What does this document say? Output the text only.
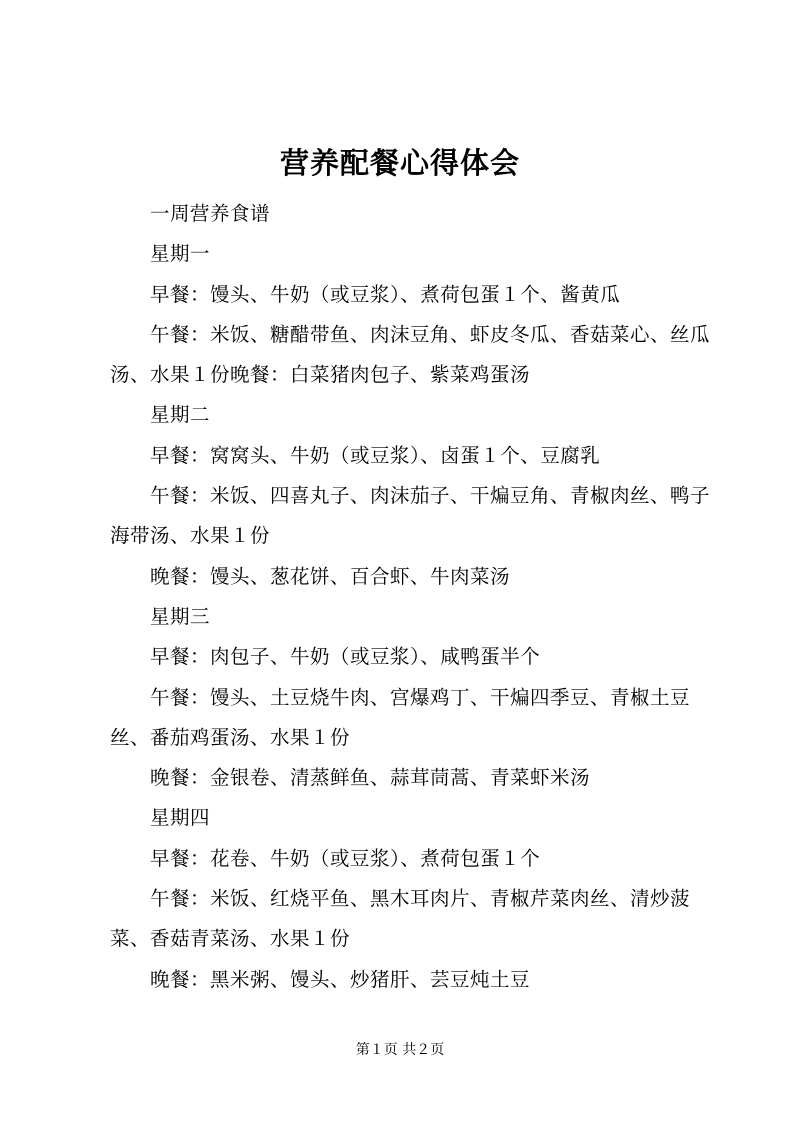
营养配餐心得体会

一周营养食谱

星期一

早餐：馒头、牛奶（或豆浆）、煮荷包蛋１个、酱黄瓜

午餐：米饭、糖醋带鱼、肉沫豆角、虾皮冬瓜、香菇菜心、丝瓜汤、水果１份晚餐：白菜猪肉包子、紫菜鸡蛋汤

星期二

早餐：窝窝头、牛奶（或豆浆）、卤蛋１个、豆腐乳

午餐：米饭、四喜丸子、肉沫茄子、干煸豆角、青椒肉丝、鸭子海带汤、水果１份

晚餐：馒头、葱花饼、百合虾、牛肉菜汤

星期三

早餐：肉包子、牛奶（或豆浆）、咸鸭蛋半个

午餐：馒头、土豆烧牛肉、宫爆鸡丁、干煸四季豆、青椒土豆丝、番茄鸡蛋汤、水果１份

晚餐：金银卷、清蒸鲜鱼、蒜茸茼蒿、青菜虾米汤

星期四

早餐：花卷、牛奶（或豆浆）、煮荷包蛋１个

午餐：米饭、红烧平鱼、黑木耳肉片、青椒芹菜肉丝、清炒菠菜、香菇青菜汤、水果１份

晚餐：黑米粥、馒头、炒猪肝、芸豆炖土豆

第１页 共２页
